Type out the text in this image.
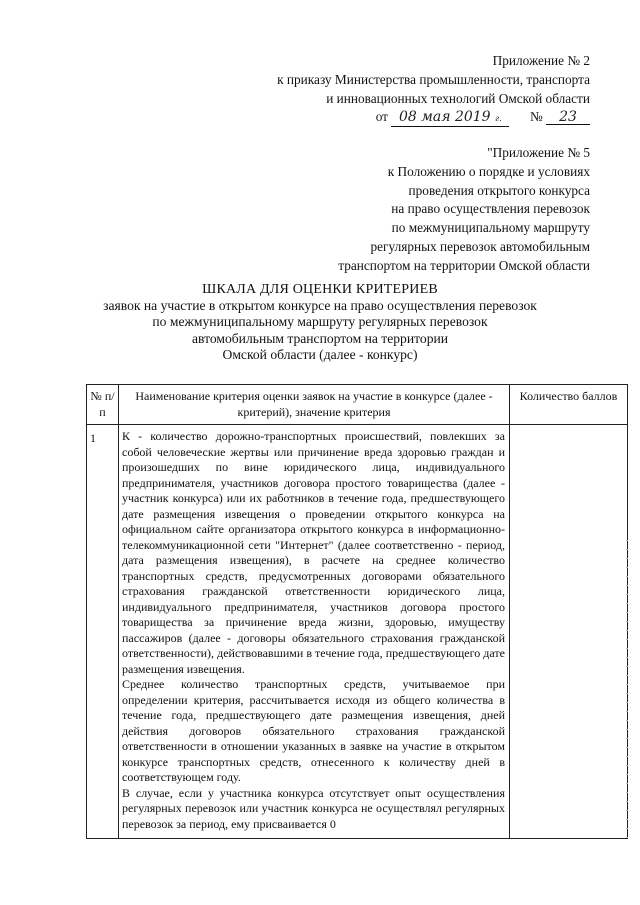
Приложение № 2
к приказу Министерства промышленности, транспорта
и инновационных технологий Омской области
от 08 мая 2019 г. № 23
"Приложение № 5
к Положению о порядке и условиях
проведения открытого конкурса
на право осуществления перевозок
по межмуниципальному маршруту
регулярных перевозок автомобильным
транспортом на территории Омской области
ШКАЛА ДЛЯ ОЦЕНКИ КРИТЕРИЕВ
заявок на участие в открытом конкурсе на право осуществления перевозок
по межмуниципальному маршруту регулярных перевозок
автомобильным транспортом на территории
Омской области (далее - конкурс)
№ п/п	Наименование критерия оценки заявок на участие в конкурсе (далее - критерий), значение критерия	Количество баллов
1	К - количество дорожно-транспортных происшествий, повлекших за собой человеческие жертвы или причинение вреда здоровью граждан и произошедших по вине юридического лица, индивидуального предпринимателя, участников договора простого товарищества (далее - участник конкурса) или их работников в течение года, предшествующего дате размещения извещения о проведении открытого конкурса на официальном сайте организатора открытого конкурса в информационно-телекоммуникационной сети "Интернет" (далее соответственно - период, дата размещения извещения), в расчете на среднее количество транспортных средств, предусмотренных договорами обязательного страхования гражданской ответственности юридического лица, индивидуального предпринимателя, участников договора простого товарищества за причинение вреда жизни, здоровью, имуществу пассажиров (далее - договоры обязательного страхования гражданской ответственности), действовавшими в течение года, предшествующего дате размещения извещения.

Среднее количество транспортных средств, учитываемое при определении критерия, рассчитывается исходя из общего количества в течение года, предшествующего дате размещения извещения, дней действия договоров обязательного страхования гражданской ответственности в отношении указанных в заявке на участие в открытом конкурсе транспортных средств, отнесенного к количеству дней в соответствующем году.

В случае, если у участника конкурса отсутствует опыт осуществления регулярных перевозок или участник конкурса не осуществлял регулярных перевозок за период, ему присваивается 0	
